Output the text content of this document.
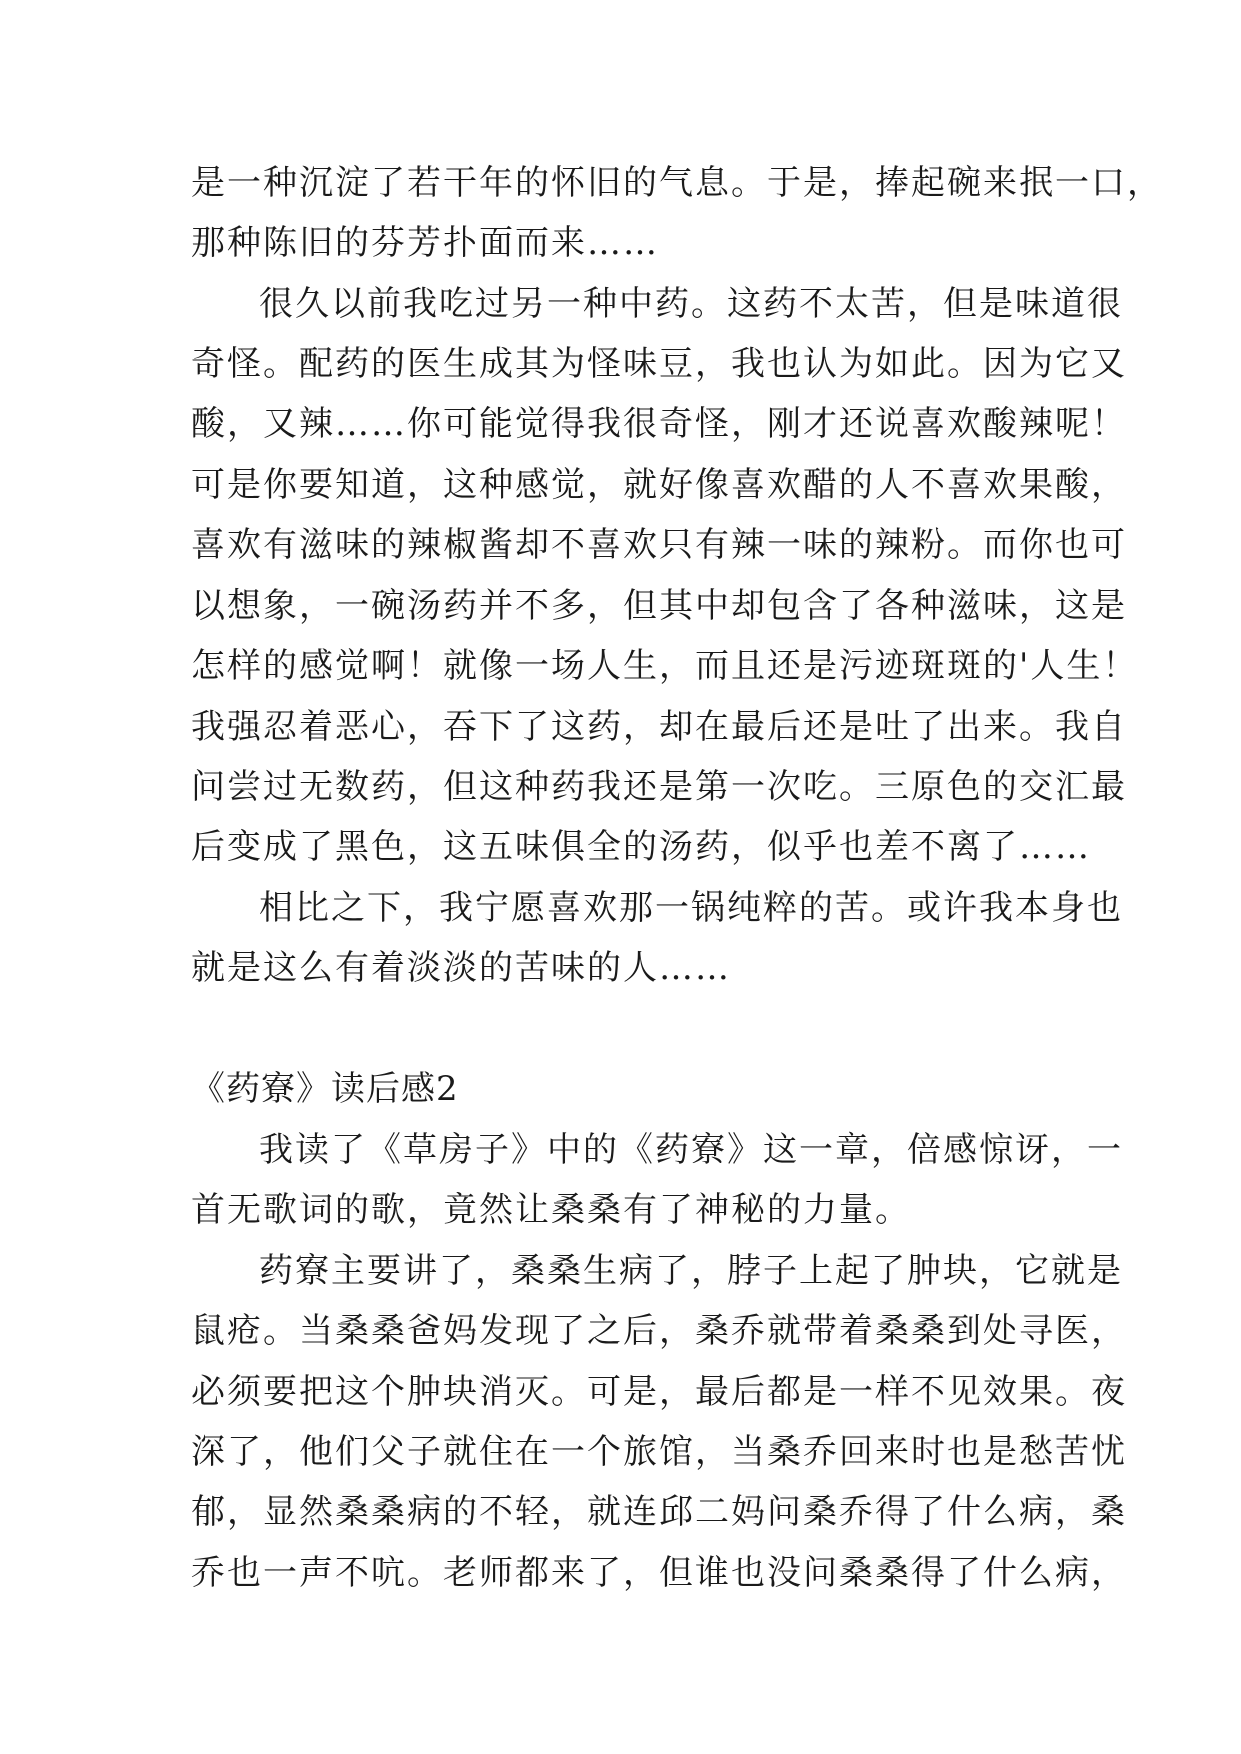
是一种沉淀了若干年的怀旧的气息。于是，捧起碗来抿一口，

那种陈旧的芬芳扑面而来……

很久以前我吃过另一种中药。这药不太苦，但是味道很

奇怪。配药的医生成其为怪味豆，我也认为如此。因为它又

酸，又辣……你可能觉得我很奇怪，刚才还说喜欢酸辣呢！

可是你要知道，这种感觉，就好像喜欢醋的人不喜欢果酸，

喜欢有滋味的辣椒酱却不喜欢只有辣一味的辣粉。而你也可

以想象，一碗汤药并不多，但其中却包含了各种滋味，这是

怎样的感觉啊！就像一场人生，而且还是污迹斑斑的'人生！

我强忍着恶心，吞下了这药，却在最后还是吐了出来。我自

问尝过无数药，但这种药我还是第一次吃。三原色的交汇最

后变成了黑色，这五味俱全的汤药，似乎也差不离了……

相比之下，我宁愿喜欢那一锅纯粹的苦。或许我本身也

就是这么有着淡淡的苦味的人……

《药寮》读后感2

我读了《草房子》中的《药寮》这一章，倍感惊讶，一

首无歌词的歌，竟然让桑桑有了神秘的力量。

药寮主要讲了，桑桑生病了，脖子上起了肿块，它就是

鼠疮。当桑桑爸妈发现了之后，桑乔就带着桑桑到处寻医，

必须要把这个肿块消灭。可是，最后都是一样不见效果。夜

深了，他们父子就住在一个旅馆，当桑乔回来时也是愁苦忧

郁，显然桑桑病的不轻，就连邱二妈问桑乔得了什么病，桑

乔也一声不吭。老师都来了，但谁也没问桑桑得了什么病，
